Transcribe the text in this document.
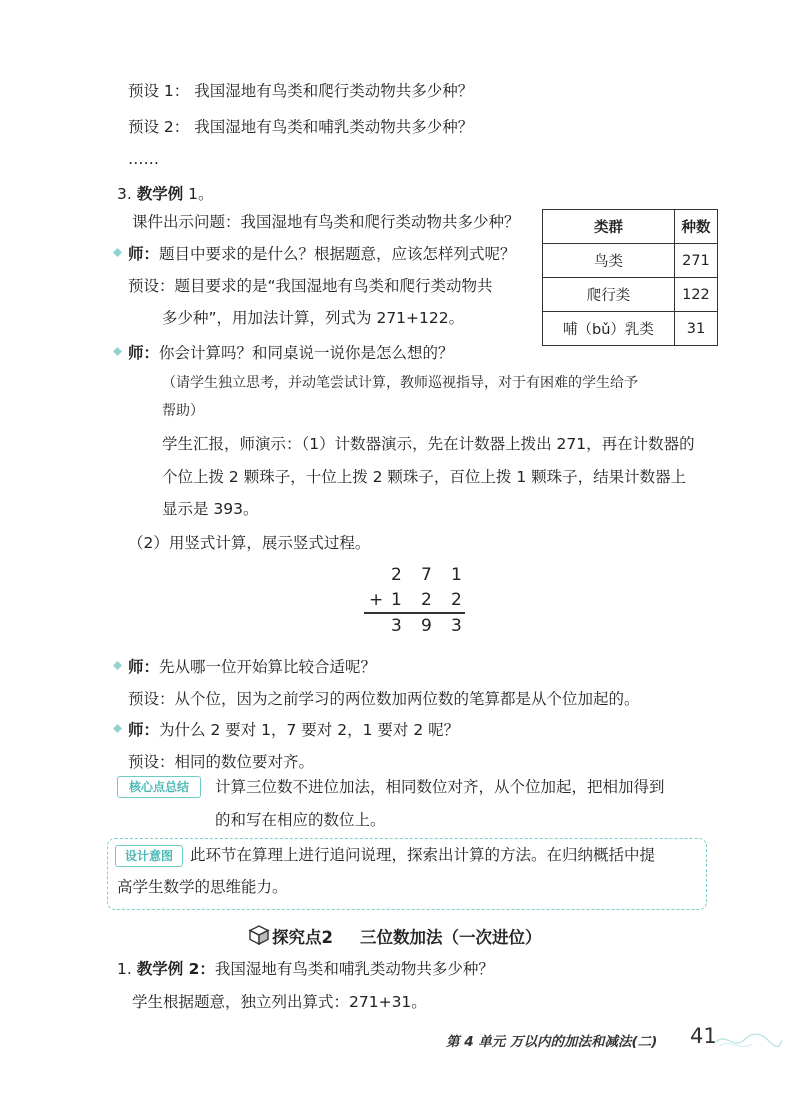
预设 1： 我国湿地有鸟类和爬行类动物共多少种？
预设 2： 我国湿地有鸟类和哺乳类动物共多少种？
……
3. 教学例 1。
课件出示问题：我国湿地有鸟类和爬行类动物共多少种？	类群	种数
鸟类	271
爬行类	122
哺（bǔ）乳类	31
师：题目中要求的是什么？根据题意，应该怎样列式呢？
预设：题目要求的是“我国湿地有鸟类和爬行类动物共
多少种”，用加法计算，列式为 271+122。
师：你会计算吗？和同桌说一说你是怎么想的？
（请学生独立思考，并动笔尝试计算，教师巡视指导，对于有困难的学生给予
帮助）
学生汇报，师演示：（1）计数器演示，先在计数器上拨出 271，再在计数器的
个位上拨 2 颗珠子，十位上拨 2 颗珠子，百位上拨 1 颗珠子，结果计数器上
显示是 393。
（2）用竖式计算，展示竖式过程。
2 7 1
+ 1 2 2
3 9 3
师：先从哪一位开始算比较合适呢？
预设：从个位，因为之前学习的两位数加两位数的笔算都是从个位加起的。
师：为什么 2 要对 1，7 要对 2，1 要对 2 呢？
预设：相同的数位要对齐。
核心点总结	计算三位数不进位加法，相同数位对齐，从个位加起，把相加得到
的和写在相应的数位上。
设计意图	此环节在算理上进行追问说理，探索出计算的方法。在归纳概括中提
高学生数学的思维能力。
探究点2 三位数加法（一次进位）
1. 教学例 2：我国湿地有鸟类和哺乳类动物共多少种？
学生根据题意，独立列出算式：271+31。
第 4 单元 万以内的加法和减法(二) 41
